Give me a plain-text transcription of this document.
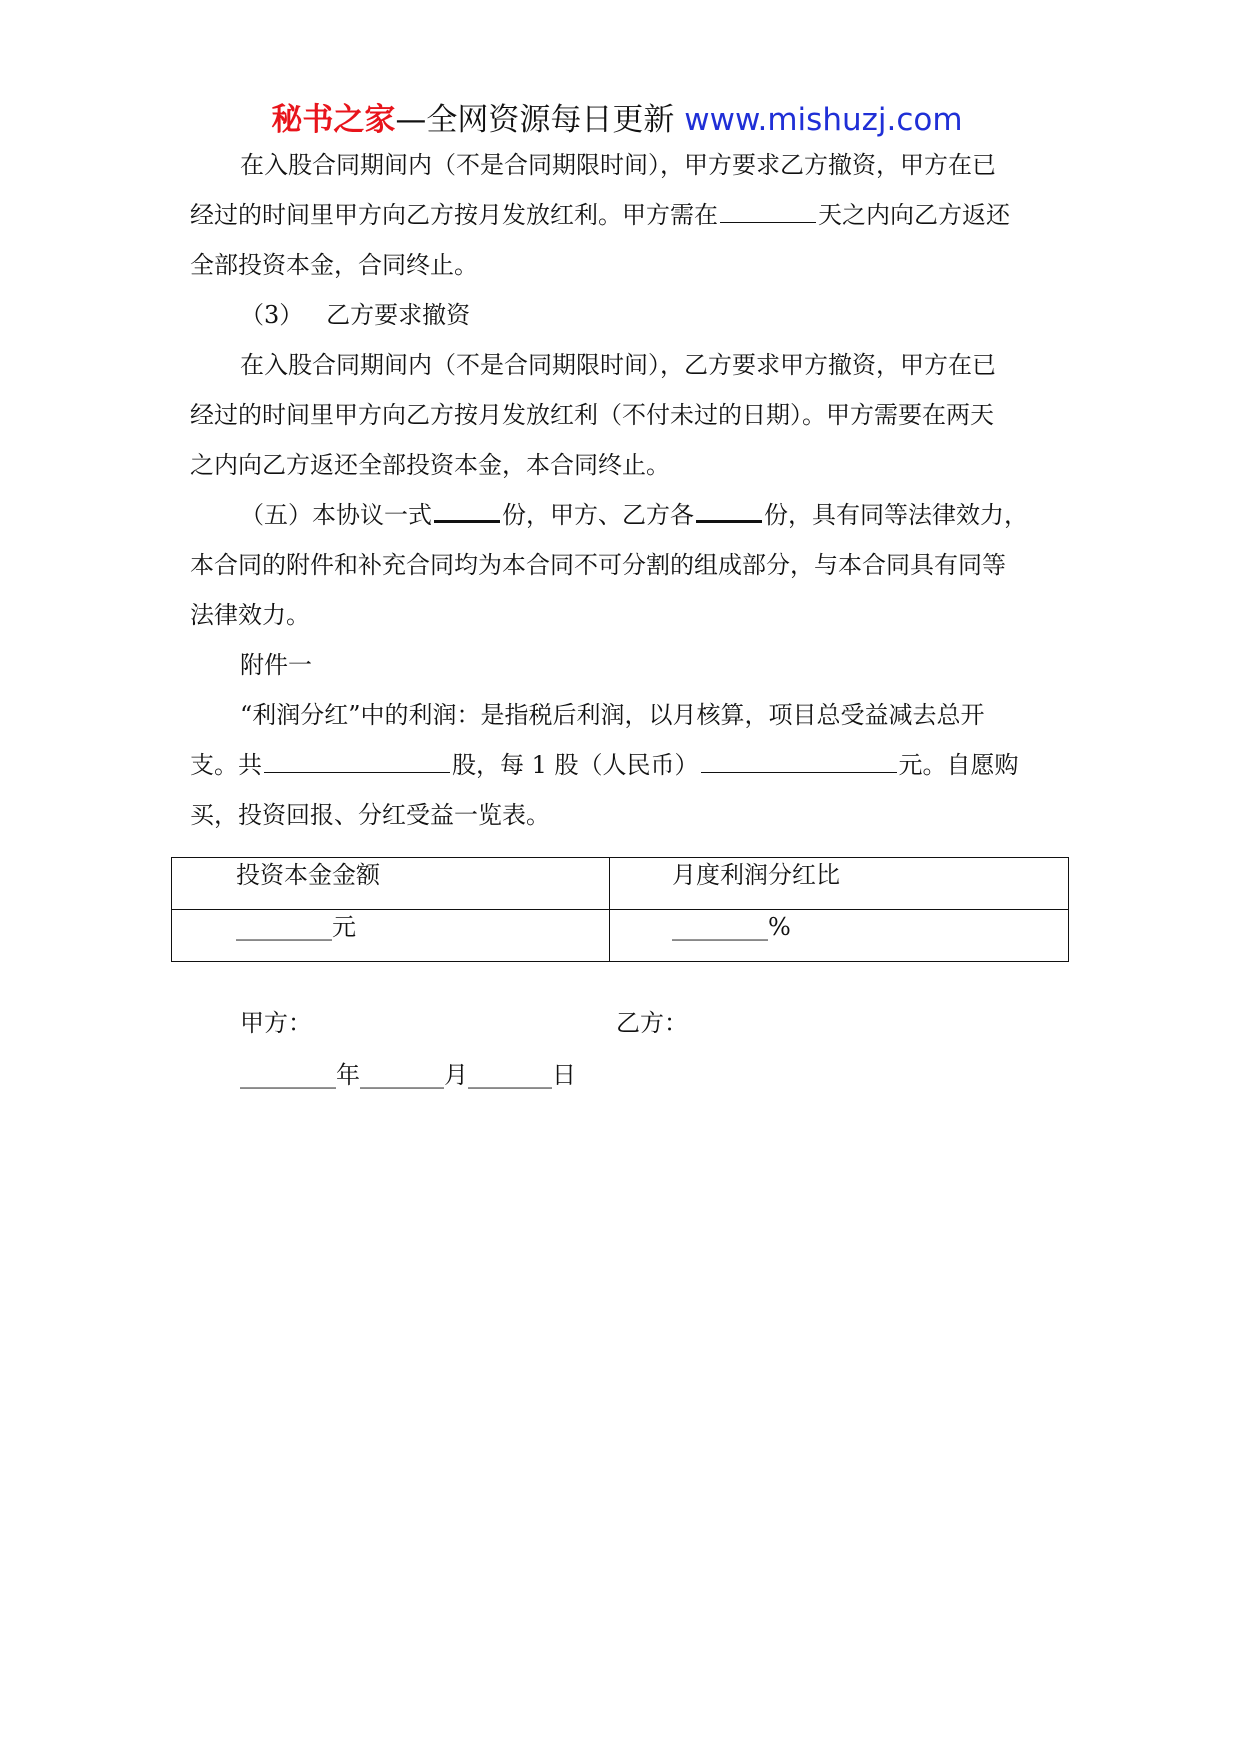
秘书之家—全网资源每日更新 www.mishuzj.com
在入股合同期间内（不是合同期限时间），甲方要求乙方撤资，甲方在已
经过的时间里甲方向乙方按月发放红利。甲方需在	天之内向乙方返还
全部投资本金，合同终止。
（3） 乙方要求撤资
在入股合同期间内（不是合同期限时间），乙方要求甲方撤资，甲方在已
经过的时间里甲方向乙方按月发放红利（不付未过的日期）。甲方需要在两天
之内向乙方返还全部投资本金，本合同终止。
（五）本协议一式	份，甲方、乙方各	份，具有同等法律效力，
本合同的附件和补充合同均为本合同不可分割的组成部分，与本合同具有同等
法律效力。
附件一
“利润分红”中的利润：是指税后利润，以月核算，项目总受益减去总开
支。共	股，每 1 股（人民币）	元。自愿购
买，投资回报、分红受益一览表。
投资本金金额	月度利润分红比

________元	________%
甲方：	乙方：
________年_______月_______日
